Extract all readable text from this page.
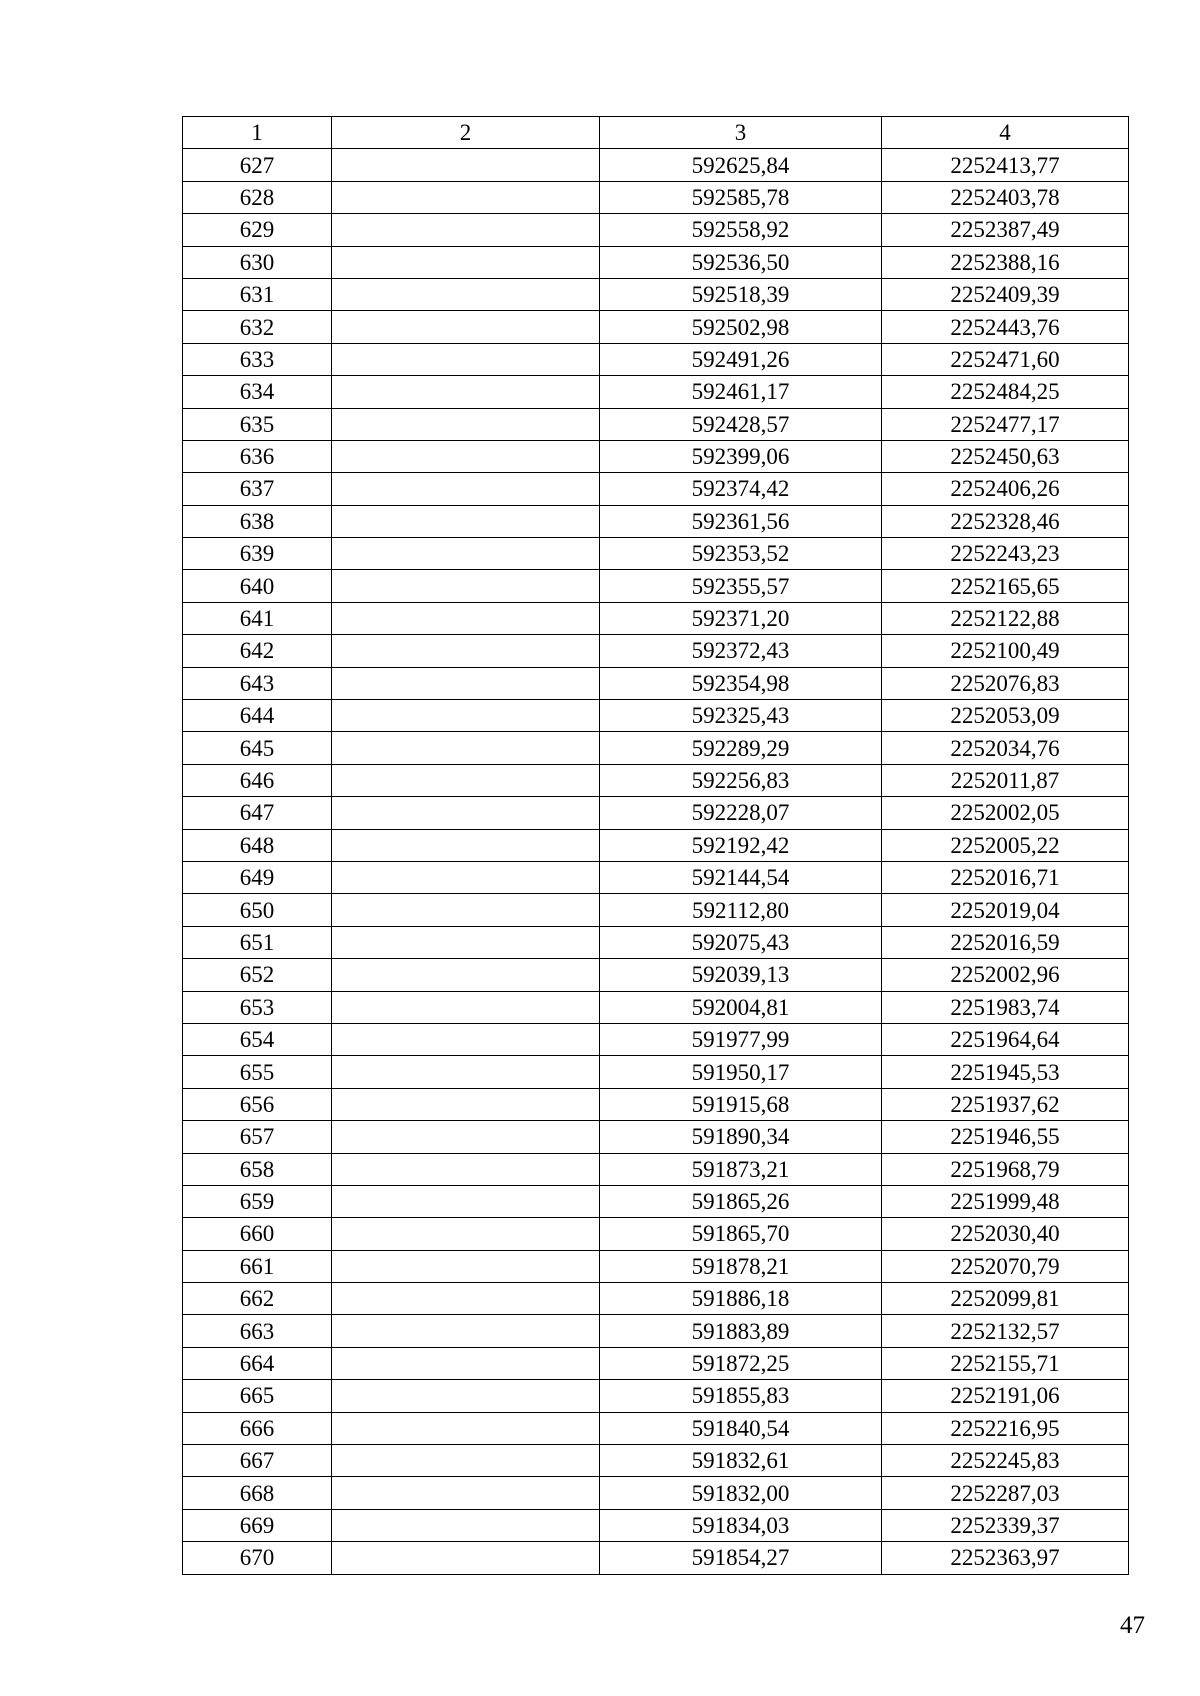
1	2	3	4
627		592625,84	2252413,77
628		592585,78	2252403,78
629		592558,92	2252387,49
630		592536,50	2252388,16
631		592518,39	2252409,39
632		592502,98	2252443,76
633		592491,26	2252471,60
634		592461,17	2252484,25
635		592428,57	2252477,17
636		592399,06	2252450,63
637		592374,42	2252406,26
638		592361,56	2252328,46
639		592353,52	2252243,23
640		592355,57	2252165,65
641		592371,20	2252122,88
642		592372,43	2252100,49
643		592354,98	2252076,83
644		592325,43	2252053,09
645		592289,29	2252034,76
646		592256,83	2252011,87
647		592228,07	2252002,05
648		592192,42	2252005,22
649		592144,54	2252016,71
650		592112,80	2252019,04
651		592075,43	2252016,59
652		592039,13	2252002,96
653		592004,81	2251983,74
654		591977,99	2251964,64
655		591950,17	2251945,53
656		591915,68	2251937,62
657		591890,34	2251946,55
658		591873,21	2251968,79
659		591865,26	2251999,48
660		591865,70	2252030,40
661		591878,21	2252070,79
662		591886,18	2252099,81
663		591883,89	2252132,57
664		591872,25	2252155,71
665		591855,83	2252191,06
666		591840,54	2252216,95
667		591832,61	2252245,83
668		591832,00	2252287,03
669		591834,03	2252339,37
670		591854,27	2252363,97
47
